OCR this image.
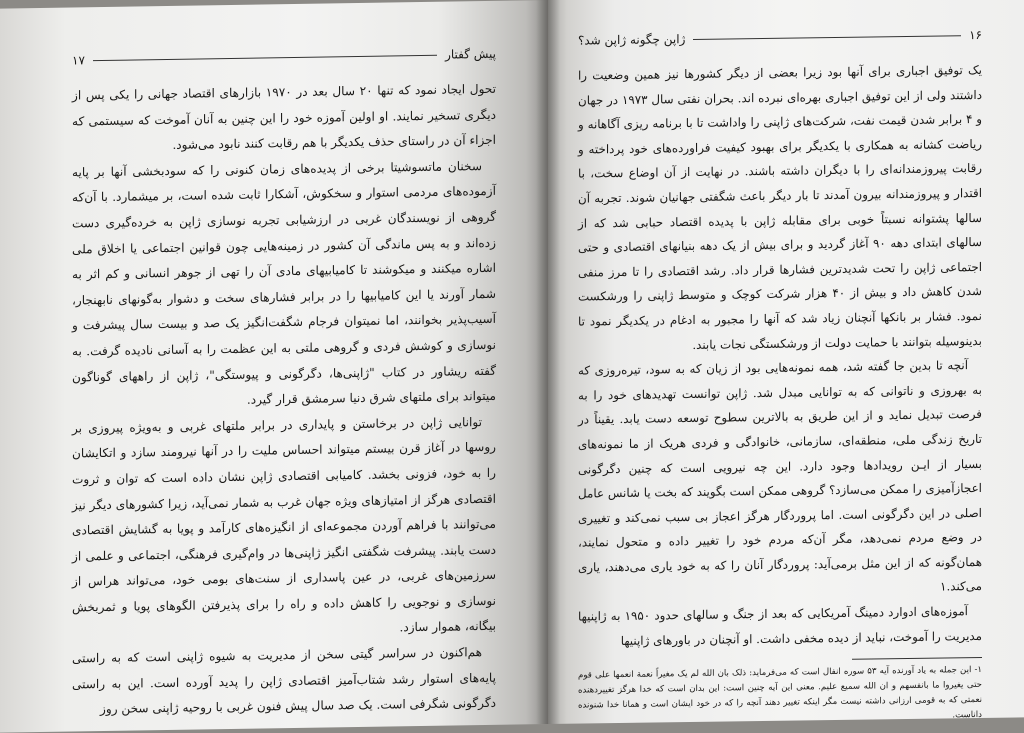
پیش گفتار
۱۷

تحول ایجاد نمود که تنها ۲۰ سال بعد در ۱۹۷۰ بازارهای اقتصاد جهانی را یکی پس از دیگری تسخیر نمایند. او اولین آموزه خود را این چنین به آنان آموخت که سیستمی که اجزاء آن در راستای حذف یکدیگر با هم رقابت کنند نابود می‌شود.

سخنان ماتسوشیتا برخی از پدیده‌های زمان کنونی را که سودبخشی آنها بر پایه آزموده‌های مردمی استوار و سخکوش، آشکارا ثابت شده است، بر میشمارد. با آن‌که گروهی از نویسندگان غربی در ارزشیابی تجربه نوسازی ژاپن به خرده‌گیری دست زده‌اند و به پس ماندگی آن کشور در زمینه‌هایی چون قوانین اجتماعی یا اخلاق ملی اشاره میکنند و میکوشند تا کامیابیهای مادی آن را تهی از جوهر انسانی و کم اثر به شمار آورند یا این کامیابیها را در برابر فشارهای سخت و دشوار به‌گونهای نابهنجار، آسیب‌پذیر بخوانند، اما نمیتوان فرجام شگفت‌انگیز یک صد و بیست سال پیشرفت و نوسازی و کوشش فردی و گروهی ملتی به این عظمت را به آسانی نادیده گرفت. به گفته ریشاور در کتاب "ژاپنی‌ها، دگرگونی و پیوستگی"، ژاپن از راههای گوناگون میتواند برای ملتهای شرق دنیا سرمشق قرار گیرد.

توانایی ژاپن در برخاستن و پایداری در برابر ملتهای غربی و به‌ویژه پیروزی بر روسها در آغاز قرن بیستم میتواند احساس ملیت را در آنها نیرومند سازد و اتکایشان را به خود، فزونی بخشد. کامیابی اقتصادی ژاپن نشان داده است که توان و ثروت اقتصادی هرگز از امتیازهای ویژه جهان غرب به شمار نمی‌آید، زیرا کشورهای دیگر نیز می‌توانند با فراهم آوردن مجموعه‌ای از انگیزه‌های کارآمد و پویا به گشایش اقتصادی دست یابند. پیشرفت شگفتی انگیز ژاپنی‌ها در وام‌گیری فرهنگی، اجتماعی و علمی از سرزمین‌های غربی، در عین پاسداری از سنت‌های بومی خود، می‌تواند هراس از نوسازی و نوجویی را کاهش داده و راه را برای پذیرفتن الگوهای پویا و ثمربخش بیگانه، هموار سازد.

هم‌اکنون در سراسر گیتی سخن از مدیریت به شیوه ژاپنی است که به راستی پایه‌های استوار رشد شتاب‌آمیز اقتصادی ژاپن را پدید آورده است. این به راستی دگرگونی شگرفی است. یک صد سال پیش فنون غربی با روحیه ژاپنی سخن روز

۱۶
ژاپن چگونه ژاپن شد؟

یک توفیق اجباری برای آنها بود زیرا بعضی از دیگر کشورها نیز همین وضعیت را داشتند ولی از این توفیق اجباری بهره‌ای نبرده اند. بحران نفتی سال ۱۹۷۳ در جهان و ۴ برابر شدن قیمت نفت، شرکت‌های ژاپنی را واداشت تا با برنامه ریزی آگاهانه و ریاضت کشانه به همکاری با یکدیگر برای بهبود کیفیت فراورده‌های خود پرداخته و رقابت پیروزمندانه‌ای را با دیگران داشته باشند. در نهایت از آن اوضاع سخت، با اقتدار و پیروزمندانه بیرون آمدند تا بار دیگر باعث شگفتی جهانیان شوند. تجربه آن سالها پشتوانه نسبتاً خوبی برای مقابله ژاپن با پدیده اقتصاد حبابی شد که از سالهای ابتدای دهه ۹۰ آغاز گردید و برای بیش از یک دهه بنیانهای اقتصادی و حتی اجتماعی ژاپن را تحت شدیدترین فشارها قرار داد. رشد اقتصادی را تا مرز منفی شدن کاهش داد و بیش از ۴۰ هزار شرکت کوچک و متوسط ژاپنی را ورشکست نمود. فشار بر بانکها آنچنان زیاد شد که آنها را مجبور به ادغام در یکدیگر نمود تا بدینوسیله بتوانند با حمایت دولت از ورشکستگی نجات یابند.

آنچه تا بدین جا گفته شد، همه نمونه‌هایی بود از زیان که به سود، تیره‌روزی که به بهروزی و ناتوانی که به توانایی مبدل شد. ژاپن توانست تهدیدهای خود را به فرصت تبدیل نماید و از این طریق به بالاترین سطوح توسعه دست یابد. یقیناً در تاریخ زندگی ملی، منطقه‌ای، سازمانی، خانوادگی و فردی هریک از ما نمونه‌های بسیار از ایـن رویدادها وجود دارد. این چه نیرویی است که چنین دگرگونی اعجازآمیزی را ممکن می‌سازد؟ گروهی ممکن است بگویند که بخت یا شانس عامل اصلی در این دگرگونی است. اما پروردگار هرگز اعجاز بی سبب نمی‌کند و تغییری در وضع مردم نمی‌دهد، مگر آن‌که مردم خود را تغییر داده و متحول نمایند، همان‌گونه که از این مثل برمی‌آید: پروردگار آنان را که به خود یاری می‌دهند، یاری می‌کند.۱

آموزه‌های ادوارد دمینگ آمریکایی که بعد از جنگ و سالهای حدود ۱۹۵۰ به ژاپنیها مدیریت را آموخت، نباید از دیده مخفی داشت. او آنچنان در باورهای ژاپنیها

۱- این جمله به یاد آورنده آیه ۵۳ سوره انفال است که می‌فرماید: ذلک بان الله لم یک مغیراً نعمة انعمها علی قوم حتی یغیروا ما بانفسهم و ان الله سمیع علیم. معنی این آیه چنین است: این بدان است که خدا هرگز تغییردهنده نعمتی که به قومی ارزانی داشته نیست مگر اینکه تغییر دهند آنچه را که در خود ایشان است و همانا خدا شنونده داناست.
